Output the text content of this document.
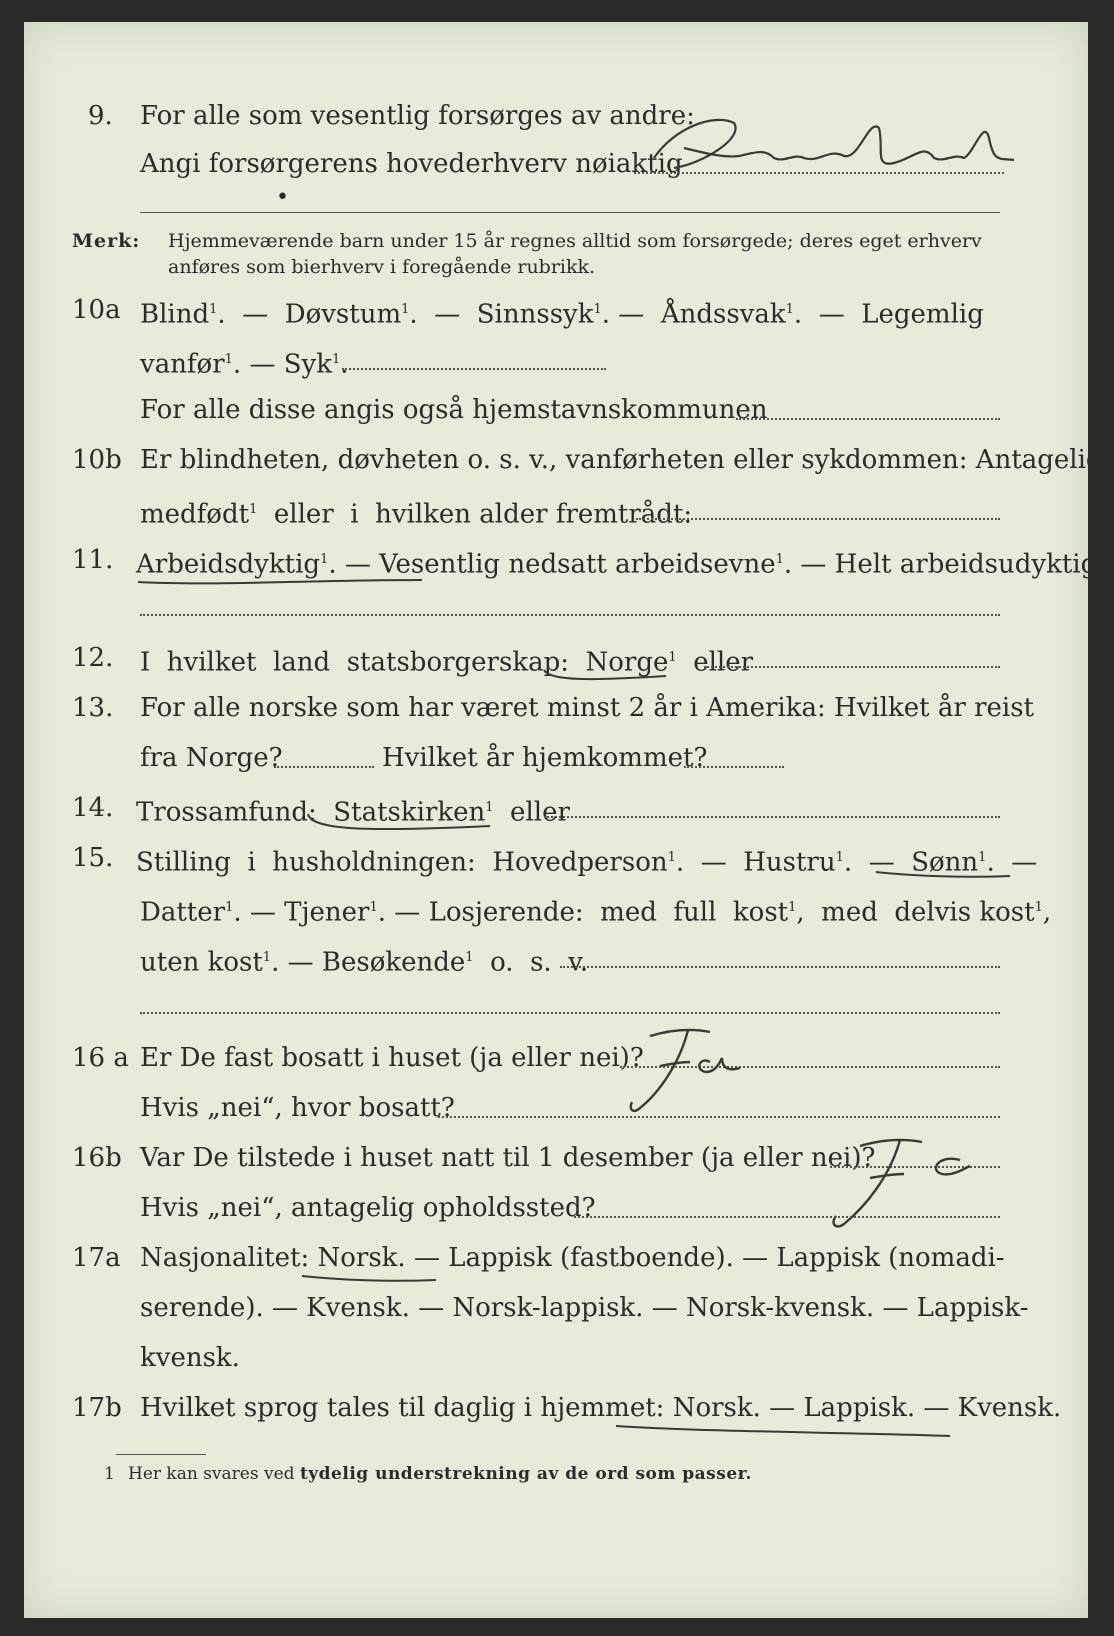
9. For alle som vesentlig forsørges av andre:
Angi forsørgerens hovederhverv nøiaktig
•
Merk: Hjemmeværende barn under 15 år regnes alltid som forsørgede; deres eget erhverv
anføres som bierhverv i foregående rubrikk.
10a Blind$^1$.  —  Døvstum$^1$.  —  Sinnssyk$^1$. —  Åndssvak$^1$.  —  Legemlig
vanfør$^1$. — Syk$^1$.
For alle disse angis også hjemstavnskommunen
10b Er blindheten, døvheten o. s. v., vanførheten eller sykdommen: Antagelig
medfødt$^1$  eller  i  hvilken alder fremtrådt:
11. Arbeidsdyktig$^1$. — Vesentlig nedsatt arbeidsevne$^1$. — Helt arbeidsudyktig$^1$.
12. I  hvilket  land  statsborgerskap:  Norge$^1$  eller
13. For alle norske som har været minst 2 år i Amerika: Hvilket år reist
fra Norge?	Hvilket år hjemkommet?
14. Trossamfund:  Statskirken$^1$  eller
15. Stilling  i  husholdningen:  Hovedperson$^1$.  —  Hustru$^1$.  —  Sønn$^1$.  —
Datter$^1$. — Tjener$^1$. — Losjerende:  med  full  kost$^1$,  med  delvis kost$^1$,
uten kost$^1$. — Besøkende$^1$  o.  s.  v.
16 a Er De fast bosatt i huset (ja eller nei)?
Hvis „nei“, hvor bosatt?
16b Var De tilstede i huset natt til 1 desember (ja eller nei)?
Hvis „nei“, antagelig opholdssted?
17a Nasjonalitet: Norsk. — Lappisk (fastboende). — Lappisk (nomadi-
serende). — Kvensk. — Norsk-lappisk. — Norsk-kvensk. — Lappisk-
kvensk.
17b Hvilket sprog tales til daglig i hjemmet: Norsk. — Lappisk. — Kvensk.
1 Her kan svares ved tydelig understrekning av de ord som passer.
